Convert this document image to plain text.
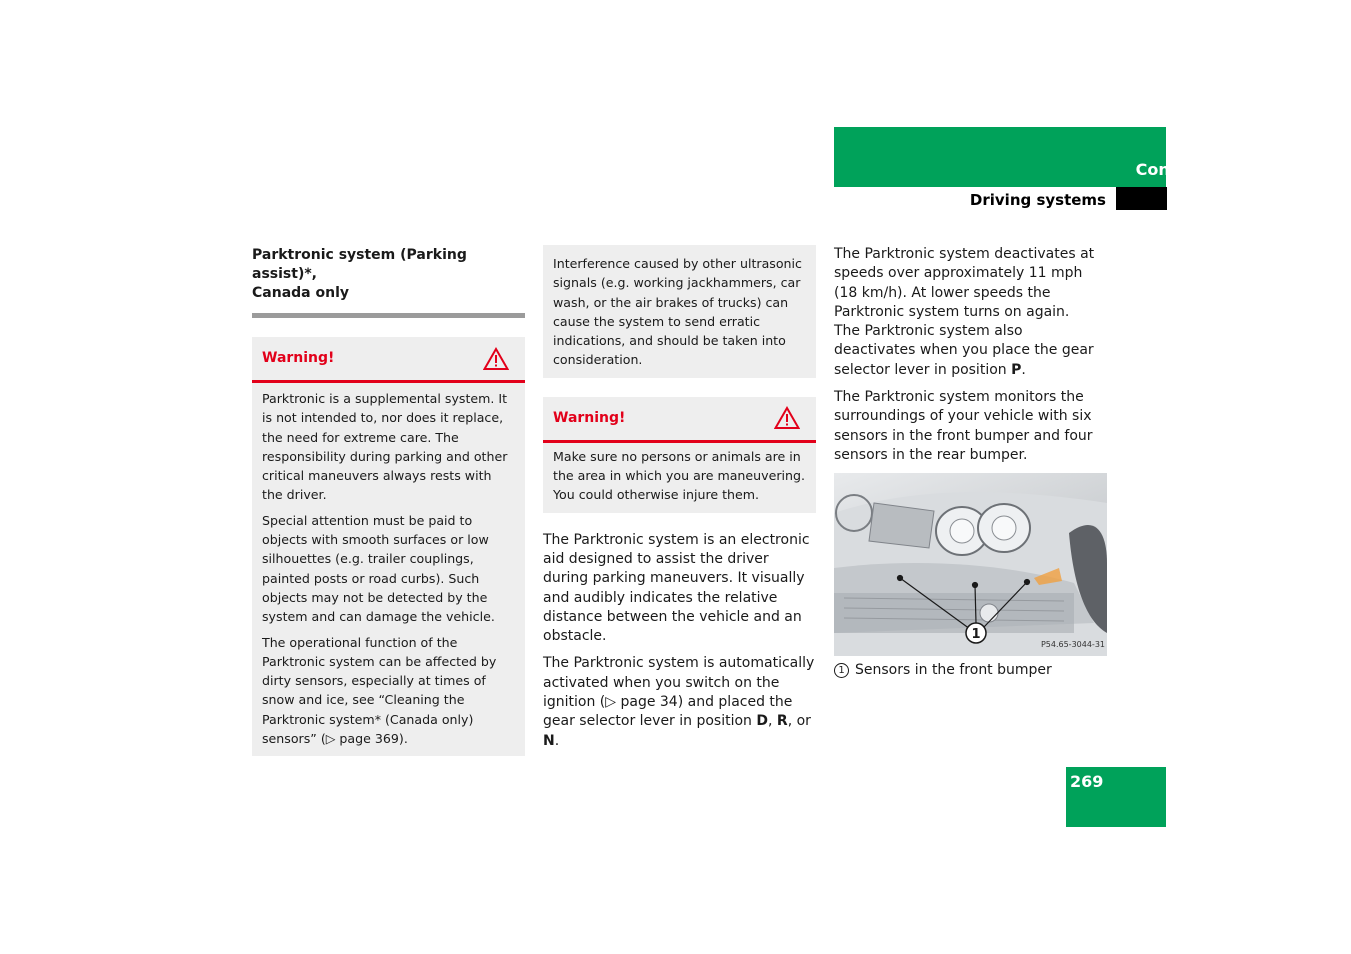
Controls in detail
Driving systems
Parktronic system (Parking assist)*,
Canada only
Warning!

Parktronic is a supplemental system. It is not intended to, nor does it replace, the need for extreme care. The responsibility during parking and other critical maneuvers always rests with the driver.

Special attention must be paid to objects with smooth surfaces or low silhouettes (e.g. trailer couplings, painted posts or road curbs). Such objects may not be detected by the system and can damage the vehicle.

The operational function of the Parktronic system can be affected by dirty sensors, especially at times of snow and ice, see “Cleaning the Parktronic system* (Canada only) sensors” (▷ page 369).

Interference caused by other ultrasonic signals (e.g. working jackhammers, car wash, or the air brakes of trucks) can cause the system to send erratic indications, and should be taken into consideration.
Warning!
Make sure no persons or animals are in the area in which you are maneuvering. You could otherwise injure them.

The Parktronic system is an electronic aid designed to assist the driver during parking maneuvers. It visually and audibly indicates the relative distance between the vehicle and an obstacle.

The Parktronic system is automatically activated when you switch on the ignition (▷ page 34) and placed the gear selector lever in position D, R, or N.

The Parktronic system deactivates at speeds over approximately 11 mph (18 km/h). At lower speeds the Parktronic system turns on again.

The Parktronic system also deactivates when you place the gear selector lever in position P.

The Parktronic system monitors the surroundings of your vehicle with six sensors in the front bumper and four sensors in the rear bumper.

1
P54.65-3044-31
1 Sensors in the front bumper
269
